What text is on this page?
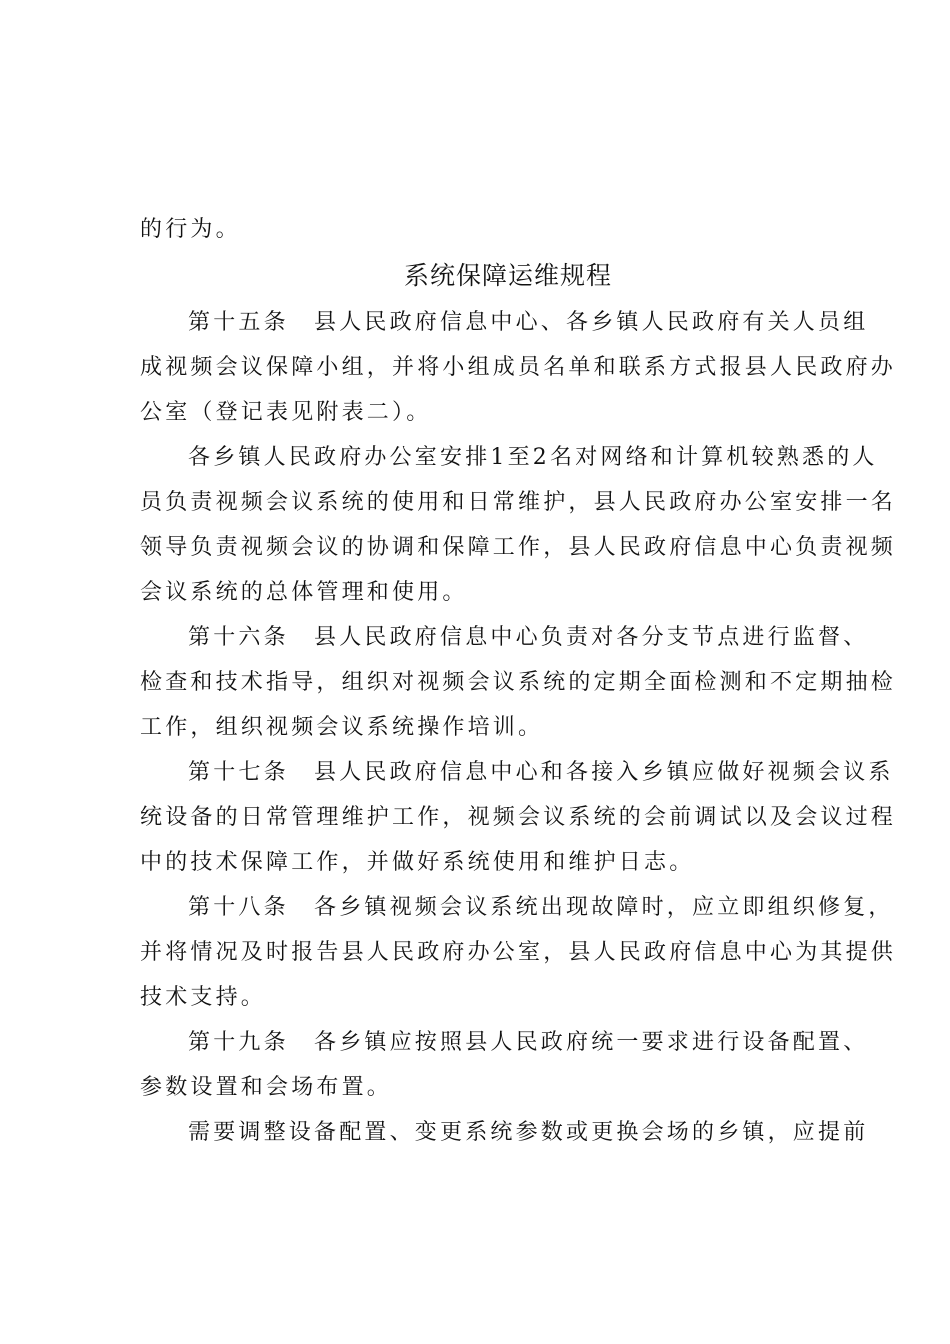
的行为。
系统保障运维规程
第十五条　县人民政府信息中心、各乡镇人民政府有关人员组
成视频会议保障小组，并将小组成员名单和联系方式报县人民政府办
公室（登记表见附表二）。
各乡镇人民政府办公室安排1至2名对网络和计算机较熟悉的人
员负责视频会议系统的使用和日常维护，县人民政府办公室安排一名
领导负责视频会议的协调和保障工作，县人民政府信息中心负责视频
会议系统的总体管理和使用。
第十六条　县人民政府信息中心负责对各分支节点进行监督、
检查和技术指导，组织对视频会议系统的定期全面检测和不定期抽检
工作，组织视频会议系统操作培训。
第十七条　县人民政府信息中心和各接入乡镇应做好视频会议系
统设备的日常管理维护工作，视频会议系统的会前调试以及会议过程
中的技术保障工作，并做好系统使用和维护日志。
第十八条　各乡镇视频会议系统出现故障时，应立即组织修复，
并将情况及时报告县人民政府办公室，县人民政府信息中心为其提供
技术支持。
第十九条　各乡镇应按照县人民政府统一要求进行设备配置、
参数设置和会场布置。
需要调整设备配置、变更系统参数或更换会场的乡镇，应提前
